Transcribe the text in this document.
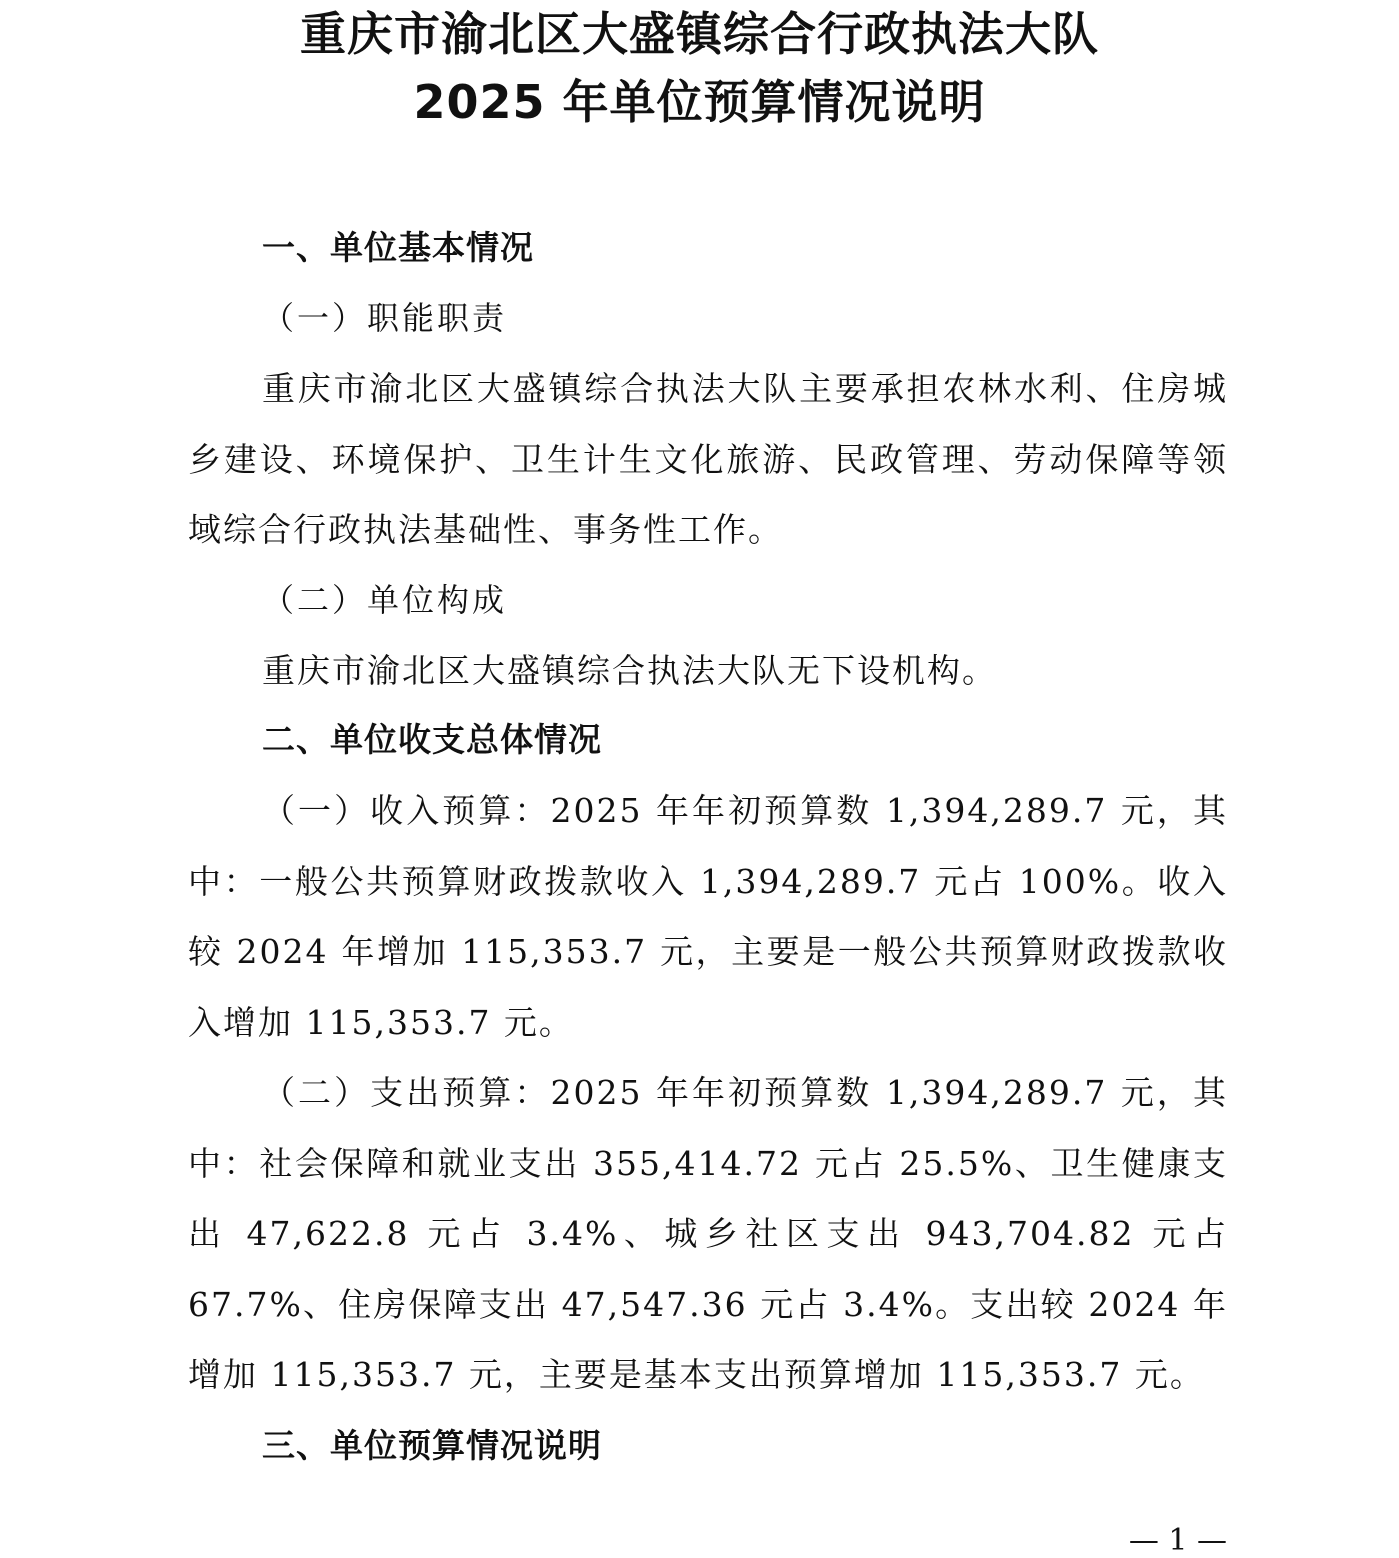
重庆市渝北区大盛镇综合行政执法大队
2025 年单位预算情况说明
一、单位基本情况
（一）职能职责

重庆市渝北区大盛镇综合执法大队主要承担农林水利、住房城乡建设、环境保护、卫生计生文化旅游、民政管理、劳动保障等领域综合行政执法基础性、事务性工作。

（二）单位构成

重庆市渝北区大盛镇综合执法大队无下设机构。

二、单位收支总体情况

（一）收入预算：2025 年年初预算数 1,394,289.7 元，其中：一般公共预算财政拨款收入 1,394,289.7 元占 100%。收入较 2024 年增加 115,353.7 元，主要是一般公共预算财政拨款收入增加 115,353.7 元。

（二）支出预算：2025 年年初预算数 1,394,289.7 元，其中：社会保障和就业支出 355,414.72 元占 25.5%、卫生健康支出 47,622.8 元占 3.4%、城乡社区支出 943,704.82 元占 67.7%、住房保障支出 47,547.36 元占 3.4%。支出较 2024 年增加 115,353.7 元，主要是基本支出预算增加 115,353.7 元。

三、单位预算情况说明
— 1 —
